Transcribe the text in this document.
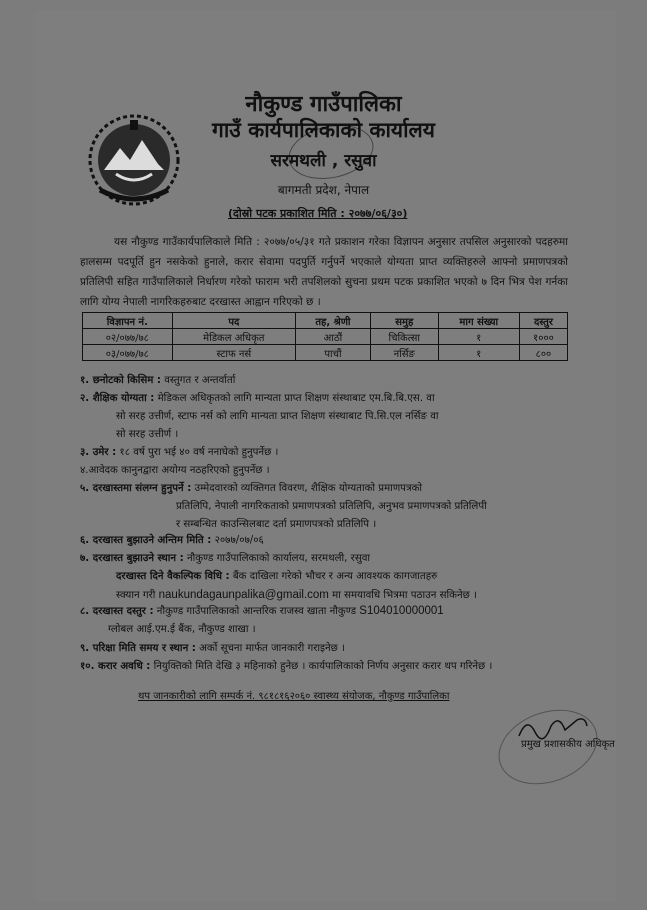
नौकुण्ड गाउँपालिका
गाउँ कार्यपालिकाको कार्यालय
सरमथली , रसुवा
बागमती प्रदेश, नेपाल
(दोस्रो पटक प्रकाशित मिति : २०७७/०६/३०)
यस नौकुण्ड गाउँकार्यपालिकाले मिति : २०७७/०५/३१ गते प्रकाशन गरेका विज्ञापन अनुसार तपसिल अनुसारको पदहरुमा हालसम्म पदपूर्ति हुन नसकेको हुनाले, करार सेवामा पदपुर्ति गर्नुपर्ने भएकाले योग्यता प्राप्त व्यक्तिहरुले आफ्नो प्रमाणपत्रको प्रतिलिपी सहित गाउँपालिकाले निर्धारण गरेको फाराम भरी तपशिलको सुचना प्रथम पटक प्रकाशित भएको ७ दिन भित्र पेश गर्नका लागि योग्य नेपाली नागरिकहरुबाट दरखास्त आह्वान गरिएको छ ।
विज्ञापन नं.	पद	तह, श्रेणी	समुह	माग संख्या	दस्तुर
०२/०७७/७८	मेडिकल अधिकृत	आठौं	चिकित्सा	१	१०००
०३/०७७/७८	स्टाफ नर्स	पाचौं	नर्सिङ	१	८००
१. छनोटको किसिम : वस्तुगत र अन्तर्वार्ता
२. शैक्षिक योग्यता : मेडिकल अधिकृतको लागि मान्यता प्राप्त शिक्षण संस्थाबाट एम.बि.बि.एस. वा
सो सरह उत्तीर्ण, स्टाफ नर्स को लागि मान्यता प्राप्त शिक्षण संस्थाबाट पि.सि.एल नर्सिङ वा
सो सरह उत्तीर्ण ।
३. उमेर : १८ वर्ष पुरा भई ४० वर्ष ननाघेको हुनुपर्नेछ ।
४.आवेदक कानुनद्वारा अयोग्य नठहरिएको हुनुपर्नेछ ।
५. दरखास्तमा संलग्न हुनुपर्ने : उम्मेदवारको व्यक्तिगत विवरण, शैक्षिक योग्यताको प्रमाणपत्रको
प्रतिलिपि, नेपाली नागरिकताको प्रमाणपत्रको प्रतिलिपि, अनुभव प्रमाणपत्रको प्रतिलिपी
र सम्बन्धित काउन्सिलबाट दर्ता प्रमाणपत्रको प्रतिलिपि ।
६. दरखास्त बुझाउने अन्तिम मिति : २०७७/०७/०६
७. दरखास्त बुझाउने स्थान : नौकुण्ड गाउँपालिकाको कार्यालय, सरमथली, रसुवा
दरखास्त दिने वैकल्पिक विधि : बैंक दाखिला गरेको भौचर र अन्य आवश्यक कागजातहरु
स्क्यान गरी naukundagaunpalika@gmail.com मा समयावधि भित्रमा पठाउन सकिनेछ ।
८. दरखास्त दस्तुर : नौकुण्ड गाउँपालिकाको आन्तरिक राजस्व खाता नौकुण्ड S104010000001
ग्लोबल आई.एम.ई बैंक, नौकुण्ड शाखा ।
९. परिक्षा मिति समय र स्थान : अर्को सूचना मार्फत जानकारी गराइनेछ ।
१०. करार अवधि : नियुक्तिको मिति देखि ३ महिनाको हुनेछ । कार्यपालिकाको निर्णय अनुसार करार थप गरिनेछ ।
थप जानकारीको लागि सम्पर्क नं. ९८१८१६२०६० स्वास्थ्य संयोजक, नौकुण्ड गाउँपालिका
प्रमुख प्रशासकीय अधिकृत
